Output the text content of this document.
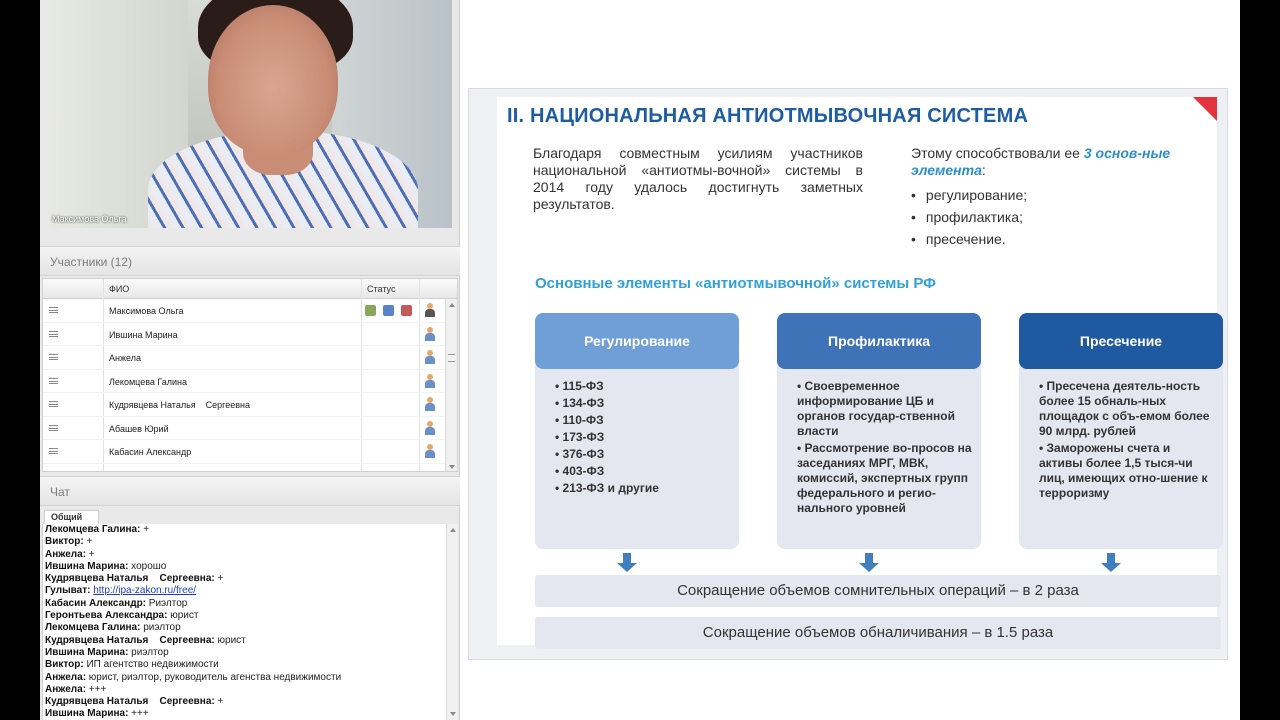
Максимова Ольга
Участники (12)
ФИО	Статус
Максимова Ольга
Ившина Марина
Анжела
Лекомцева Галина
Кудрявцева Наталья    Сергеевна
Абашев Юрий
Кабасин Александр
Чат
Общий
Лекомцева Галина: +
Виктор: +
Анжела: +
Ившина Марина: хорошо
Кудрявцева Наталья    Сергеевна: +
Гулыват: http://ipa-zakon.ru/free/
Кабасин Александр: Риэлтор
Геронтьева Александра: юрист
Лекомцева Галина: риэлтор
Кудрявцева Наталья    Сергеевна: юрист
Ившина Марина: риэлтор
Виктор: ИП агентство недвижимости
Анжела: юрист, риэлтор, руководитель агенства недвижимости
Анжела: +++
Кудрявцева Наталья    Сергеевна: +
Ившина Марина: +++
II. НАЦИОНАЛЬНАЯ АНТИОТМЫВОЧНАЯ СИСТЕМА
Благодаря совместным усилиям участников национальной «антиотмы-вочной» системы в 2014 году удалось достигнуть заметных результатов.
Этому способствовали ее 3 основ-ные элемента:
• регулирование;
• профилактика;
• пресечение.
Основные элементы «антиотмывочной» системы РФ
Регулирование
• 115-ФЗ
• 134-ФЗ
• 110-ФЗ
• 173-ФЗ
• 376-ФЗ
• 403-ФЗ
• 213-ФЗ и другие
Профилактика
• Своевременное информирование ЦБ и органов государ-ственной власти
• Рассмотрение во-просов на заседаниях МРГ, МВК, комиссий, экспертных групп федерального и регио-нального уровней
Пресечение
• Пресечена деятель-ность более 15 обналь-ных площадок с объ-емом более 90 млрд. рублей
• Заморожены счета и активы более 1,5 тыся-чи лиц, имеющих отно-шение к терроризму
Сокращение объемов сомнительных операций – в 2 раза
Сокращение объемов обналичивания – в 1.5 раза
